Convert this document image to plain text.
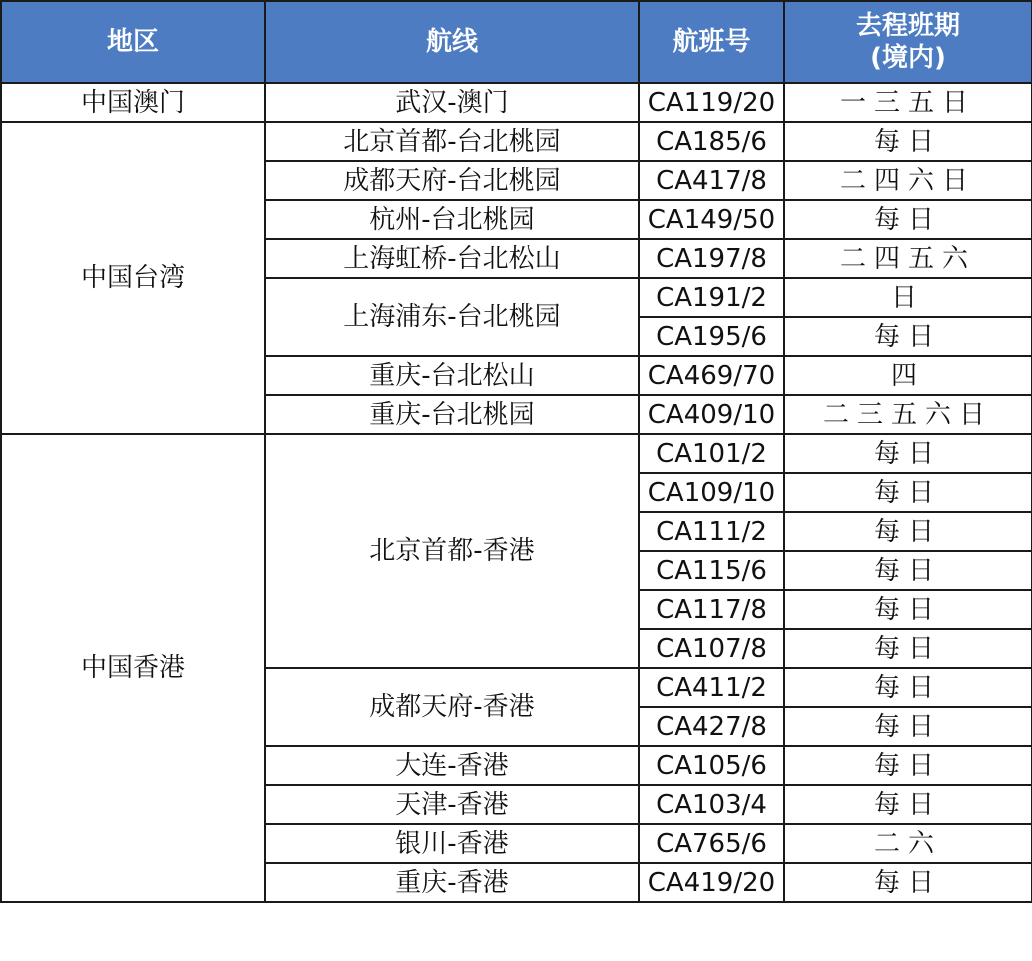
地区	航线	航班号	去程班期
(境内)

中国澳门	武汉-澳门	CA119/20	一三五日
中国台湾	北京首都-台北桃园	CA185/6	每日
	成都天府-台北桃园	CA417/8	二四六日
	杭州-台北桃园	CA149/50	每日
	上海虹桥-台北松山	CA197/8	二四五六
	上海浦东-台北桃园	CA191/2	日
		CA195/6	每日
	重庆-台北松山	CA469/70	四
	重庆-台北桃园	CA409/10	二三五六日
中国香港	北京首都-香港	CA101/2	每日
		CA109/10	每日
		CA111/2	每日
		CA115/6	每日
		CA117/8	每日
		CA107/8	每日
	成都天府-香港	CA411/2	每日
		CA427/8	每日
	大连-香港	CA105/6	每日
	天津-香港	CA103/4	每日
	银川-香港	CA765/6	二六
	重庆-香港	CA419/20	每日
